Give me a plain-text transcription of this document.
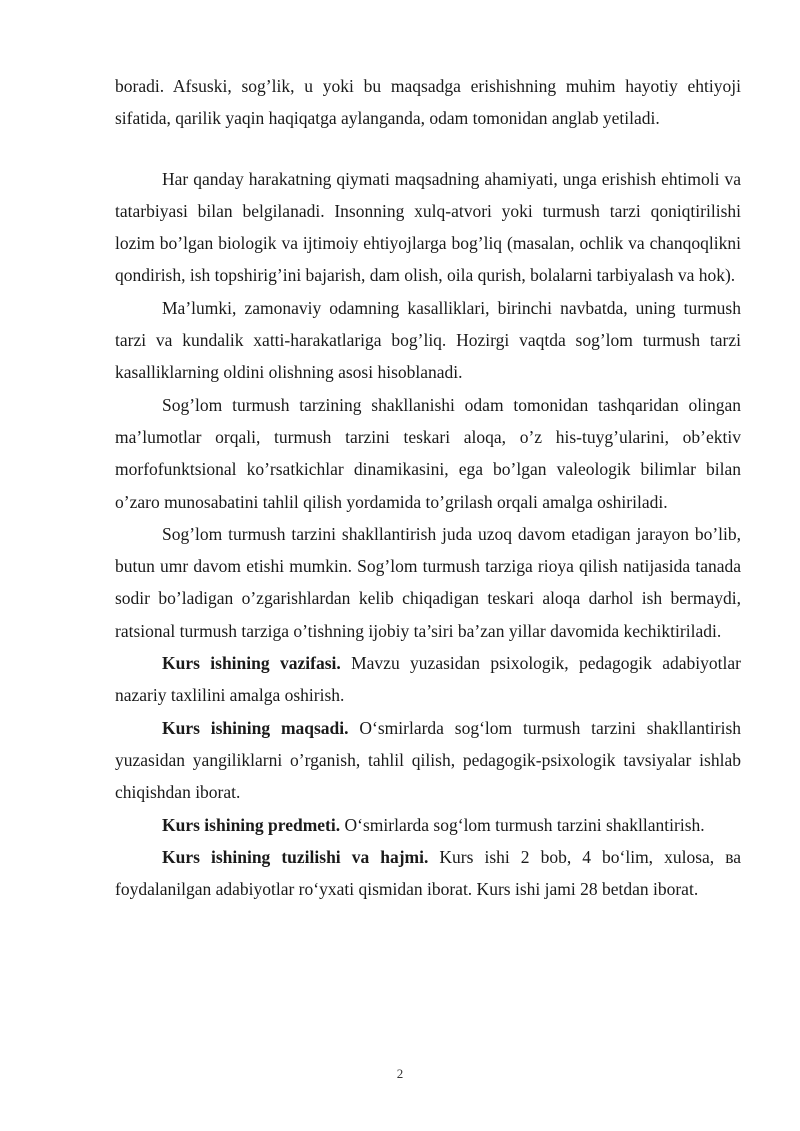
boradi. Afsuski, sog’lik, u yoki bu maqsadga erishishning muhim hayotiy ehtiyoji sifatida, qarilik yaqin haqiqatga aylanganda, odam tomonidan anglab yetiladi.

Har qanday harakatning qiymati maqsadning ahamiyati, unga erishish ehtimoli va tatarbiyasi bilan belgilanadi. Insonning xulq-atvori yoki turmush tarzi qoniqtirilishi lozim bo’lgan biologik va ijtimoiy ehtiyojlarga bog’liq (masalan, ochlik va chanqoqlikni qondirish, ish topshirig’ini bajarish, dam olish, oila qurish, bolalarni tarbiyalash va hok).

Ma’lumki, zamonaviy odamning kasalliklari, birinchi navbatda, uning turmush tarzi va kundalik xatti-harakatlariga bog’liq. Hozirgi vaqtda sog’lom turmush tarzi kasalliklarning oldini olishning asosi hisoblanadi.

Sog’lom turmush tarzining shakllanishi odam tomonidan tashqaridan olingan ma’lumotlar orqali, turmush tarzini teskari aloqa, o’z his-tuyg’ularini, ob’ektiv morfofunktsional ko’rsatkichlar dinamikasini, ega bo’lgan valeologik bilimlar bilan o’zaro munosabatini tahlil qilish yordamida to’grilash orqali amalga oshiriladi.

Sog’lom turmush tarzini shakllantirish juda uzoq davom etadigan jarayon bo’lib, butun umr davom etishi mumkin. Sog’lom turmush tarziga rioya qilish natijasida tanada sodir bo’ladigan o’zgarishlardan kelib chiqadigan teskari aloqa darhol ish bermaydi, ratsional turmush tarziga o’tishning ijobiy ta’siri ba’zan yillar davomida kechiktiriladi.

Kurs ishining vazifasi. Mavzu yuzasidan psixologik, pedagogik adabiyotlar nazariy taxlilini amalga oshirish.

Kurs ishining maqsadi. O‘smirlarda sog‘lom turmush tarzini shakllantirish yuzasidan yangiliklarni o’rganish, tahlil qilish, pedagogik-psixologik tavsiyalar ishlab chiqishdan iborat.

Kurs ishining predmeti. O‘smirlarda sog‘lom turmush tarzini shakllantirish.

Kurs ishining tuzilishi va hajmi. Kurs ishi 2 bob, 4 bo‘lim, xulosa, ва foydalanilgan adabiyotlar ro‘yxati qismidan iborat. Kurs ishi jami 28 betdan iborat.

2
